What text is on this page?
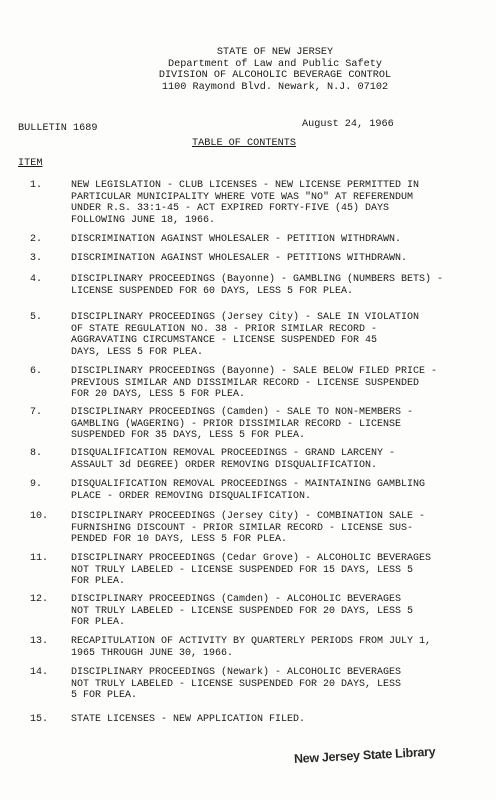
STATE OF NEW JERSEY
Department of Law and Public Safety
DIVISION OF ALCOHOLIC BEVERAGE CONTROL
1100 Raymond Blvd. Newark, N.J. 07102
August 24, 1966
BULLETIN 1689
TABLE OF CONTENTS
ITEM
1.	NEW LEGISLATION - CLUB LICENSES - NEW LICENSE PERMITTED IN
PARTICULAR MUNICIPALITY WHERE VOTE WAS "NO" AT REFERENDUM
UNDER R.S. 33:1-45 - ACT EXPIRED FORTY-FIVE (45) DAYS
FOLLOWING JUNE 18, 1966.
2.	DISCRIMINATION AGAINST WHOLESALER - PETITION WITHDRAWN.
3.	DISCRIMINATION AGAINST WHOLESALER - PETITIONS WITHDRAWN.
4.	DISCIPLINARY PROCEEDINGS (Bayonne) - GAMBLING (NUMBERS BETS) -
LICENSE SUSPENDED FOR 60 DAYS, LESS 5 FOR PLEA.
5.	DISCIPLINARY PROCEEDINGS (Jersey City) - SALE IN VIOLATION
OF STATE REGULATION NO. 38 - PRIOR SIMILAR RECORD -
AGGRAVATING CIRCUMSTANCE - LICENSE SUSPENDED FOR 45
DAYS, LESS 5 FOR PLEA.
6.	DISCIPLINARY PROCEEDINGS (Bayonne) - SALE BELOW FILED PRICE -
PREVIOUS SIMILAR AND DISSIMILAR RECORD - LICENSE SUSPENDED
FOR 20 DAYS, LESS 5 FOR PLEA.
7.	DISCIPLINARY PROCEEDINGS (Camden) - SALE TO NON-MEMBERS -
GAMBLING (WAGERING) - PRIOR DISSIMILAR RECORD - LICENSE
SUSPENDED FOR 35 DAYS, LESS 5 FOR PLEA.
8.	DISQUALIFICATION REMOVAL PROCEEDINGS - GRAND LARCENY -
ASSAULT 3d DEGREE) ORDER REMOVING DISQUALIFICATION.
9.	DISQUALIFICATION REMOVAL PROCEEDINGS - MAINTAINING GAMBLING
PLACE - ORDER REMOVING DISQUALIFICATION.
10.	DISCIPLINARY PROCEEDINGS (Jersey City) - COMBINATION SALE -
FURNISHING DISCOUNT - PRIOR SIMILAR RECORD - LICENSE SUS-
PENDED FOR 10 DAYS, LESS 5 FOR PLEA.
11.	DISCIPLINARY PROCEEDINGS (Cedar Grove) - ALCOHOLIC BEVERAGES
NOT TRULY LABELED - LICENSE SUSPENDED FOR 15 DAYS, LESS 5
FOR PLEA.
12.	DISCIPLINARY PROCEEDINGS (Camden) - ALCOHOLIC BEVERAGES
NOT TRULY LABELED - LICENSE SUSPENDED FOR 20 DAYS, LESS 5
FOR PLEA.
13.	RECAPITULATION OF ACTIVITY BY QUARTERLY PERIODS FROM JULY 1,
1965 THROUGH JUNE 30, 1966.
14.	DISCIPLINARY PROCEEDINGS (Newark) - ALCOHOLIC BEVERAGES
NOT TRULY LABELED - LICENSE SUSPENDED FOR 20 DAYS, LESS
5 FOR PLEA.
15.	STATE LICENSES - NEW APPLICATION FILED.
New Jersey State Library
